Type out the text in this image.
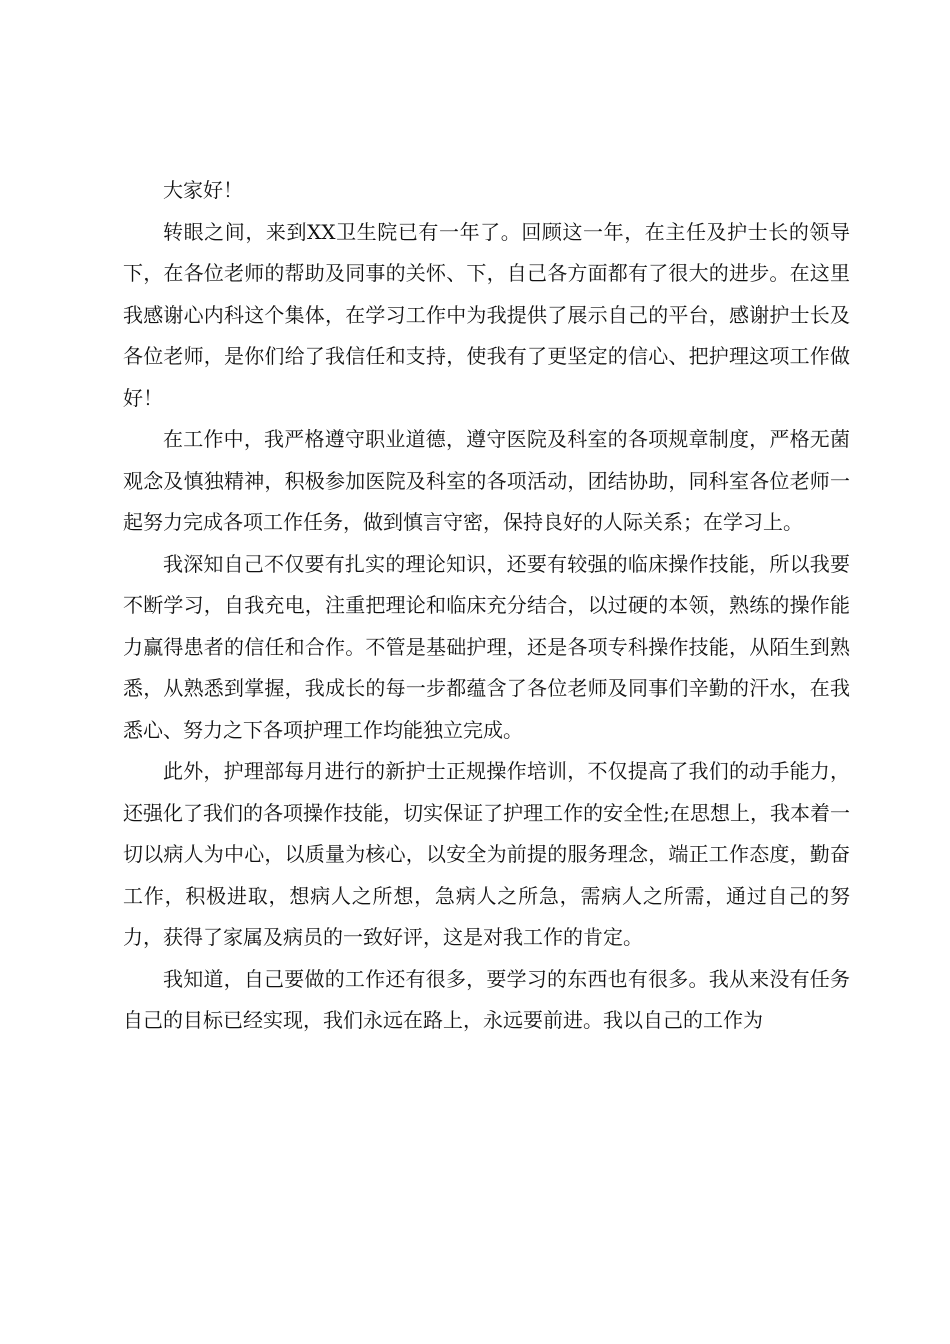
大家好！

转眼之间，来到XX卫生院已有一年了。回顾这一年，在主任及护士长的领导下，在各位老师的帮助及同事的关怀、下，自己各方面都有了很大的进步。在这里我感谢心内科这个集体，在学习工作中为我提供了展示自己的平台，感谢护士长及各位老师，是你们给了我信任和支持，使我有了更坚定的信心、把护理这项工作做好！

在工作中，我严格遵守职业道德，遵守医院及科室的各项规章制度，严格无菌观念及慎独精神，积极参加医院及科室的各项活动，团结协助，同科室各位老师一起努力完成各项工作任务，做到慎言守密，保持良好的人际关系；在学习上。

我深知自己不仅要有扎实的理论知识，还要有较强的临床操作技能，所以我要不断学习，自我充电，注重把理论和临床充分结合，以过硬的本领，熟练的操作能力赢得患者的信任和合作。不管是基础护理，还是各项专科操作技能，从陌生到熟悉，从熟悉到掌握，我成长的每一步都蕴含了各位老师及同事们辛勤的汗水，在我悉心、努力之下各项护理工作均能独立完成。

此外，护理部每月进行的新护士正规操作培训，不仅提高了我们的动手能力，还强化了我们的各项操作技能，切实保证了护理工作的安全性;在思想上，我本着一切以病人为中心，以质量为核心，以安全为前提的服务理念，端正工作态度，勤奋工作，积极进取，想病人之所想，急病人之所急，需病人之所需，通过自己的努力，获得了家属及病员的一致好评，这是对我工作的肯定。

我知道，自己要做的工作还有很多，要学习的东西也有很多。我从来没有任务自己的目标已经实现，我们永远在路上，永远要前进。我以自己的工作为
